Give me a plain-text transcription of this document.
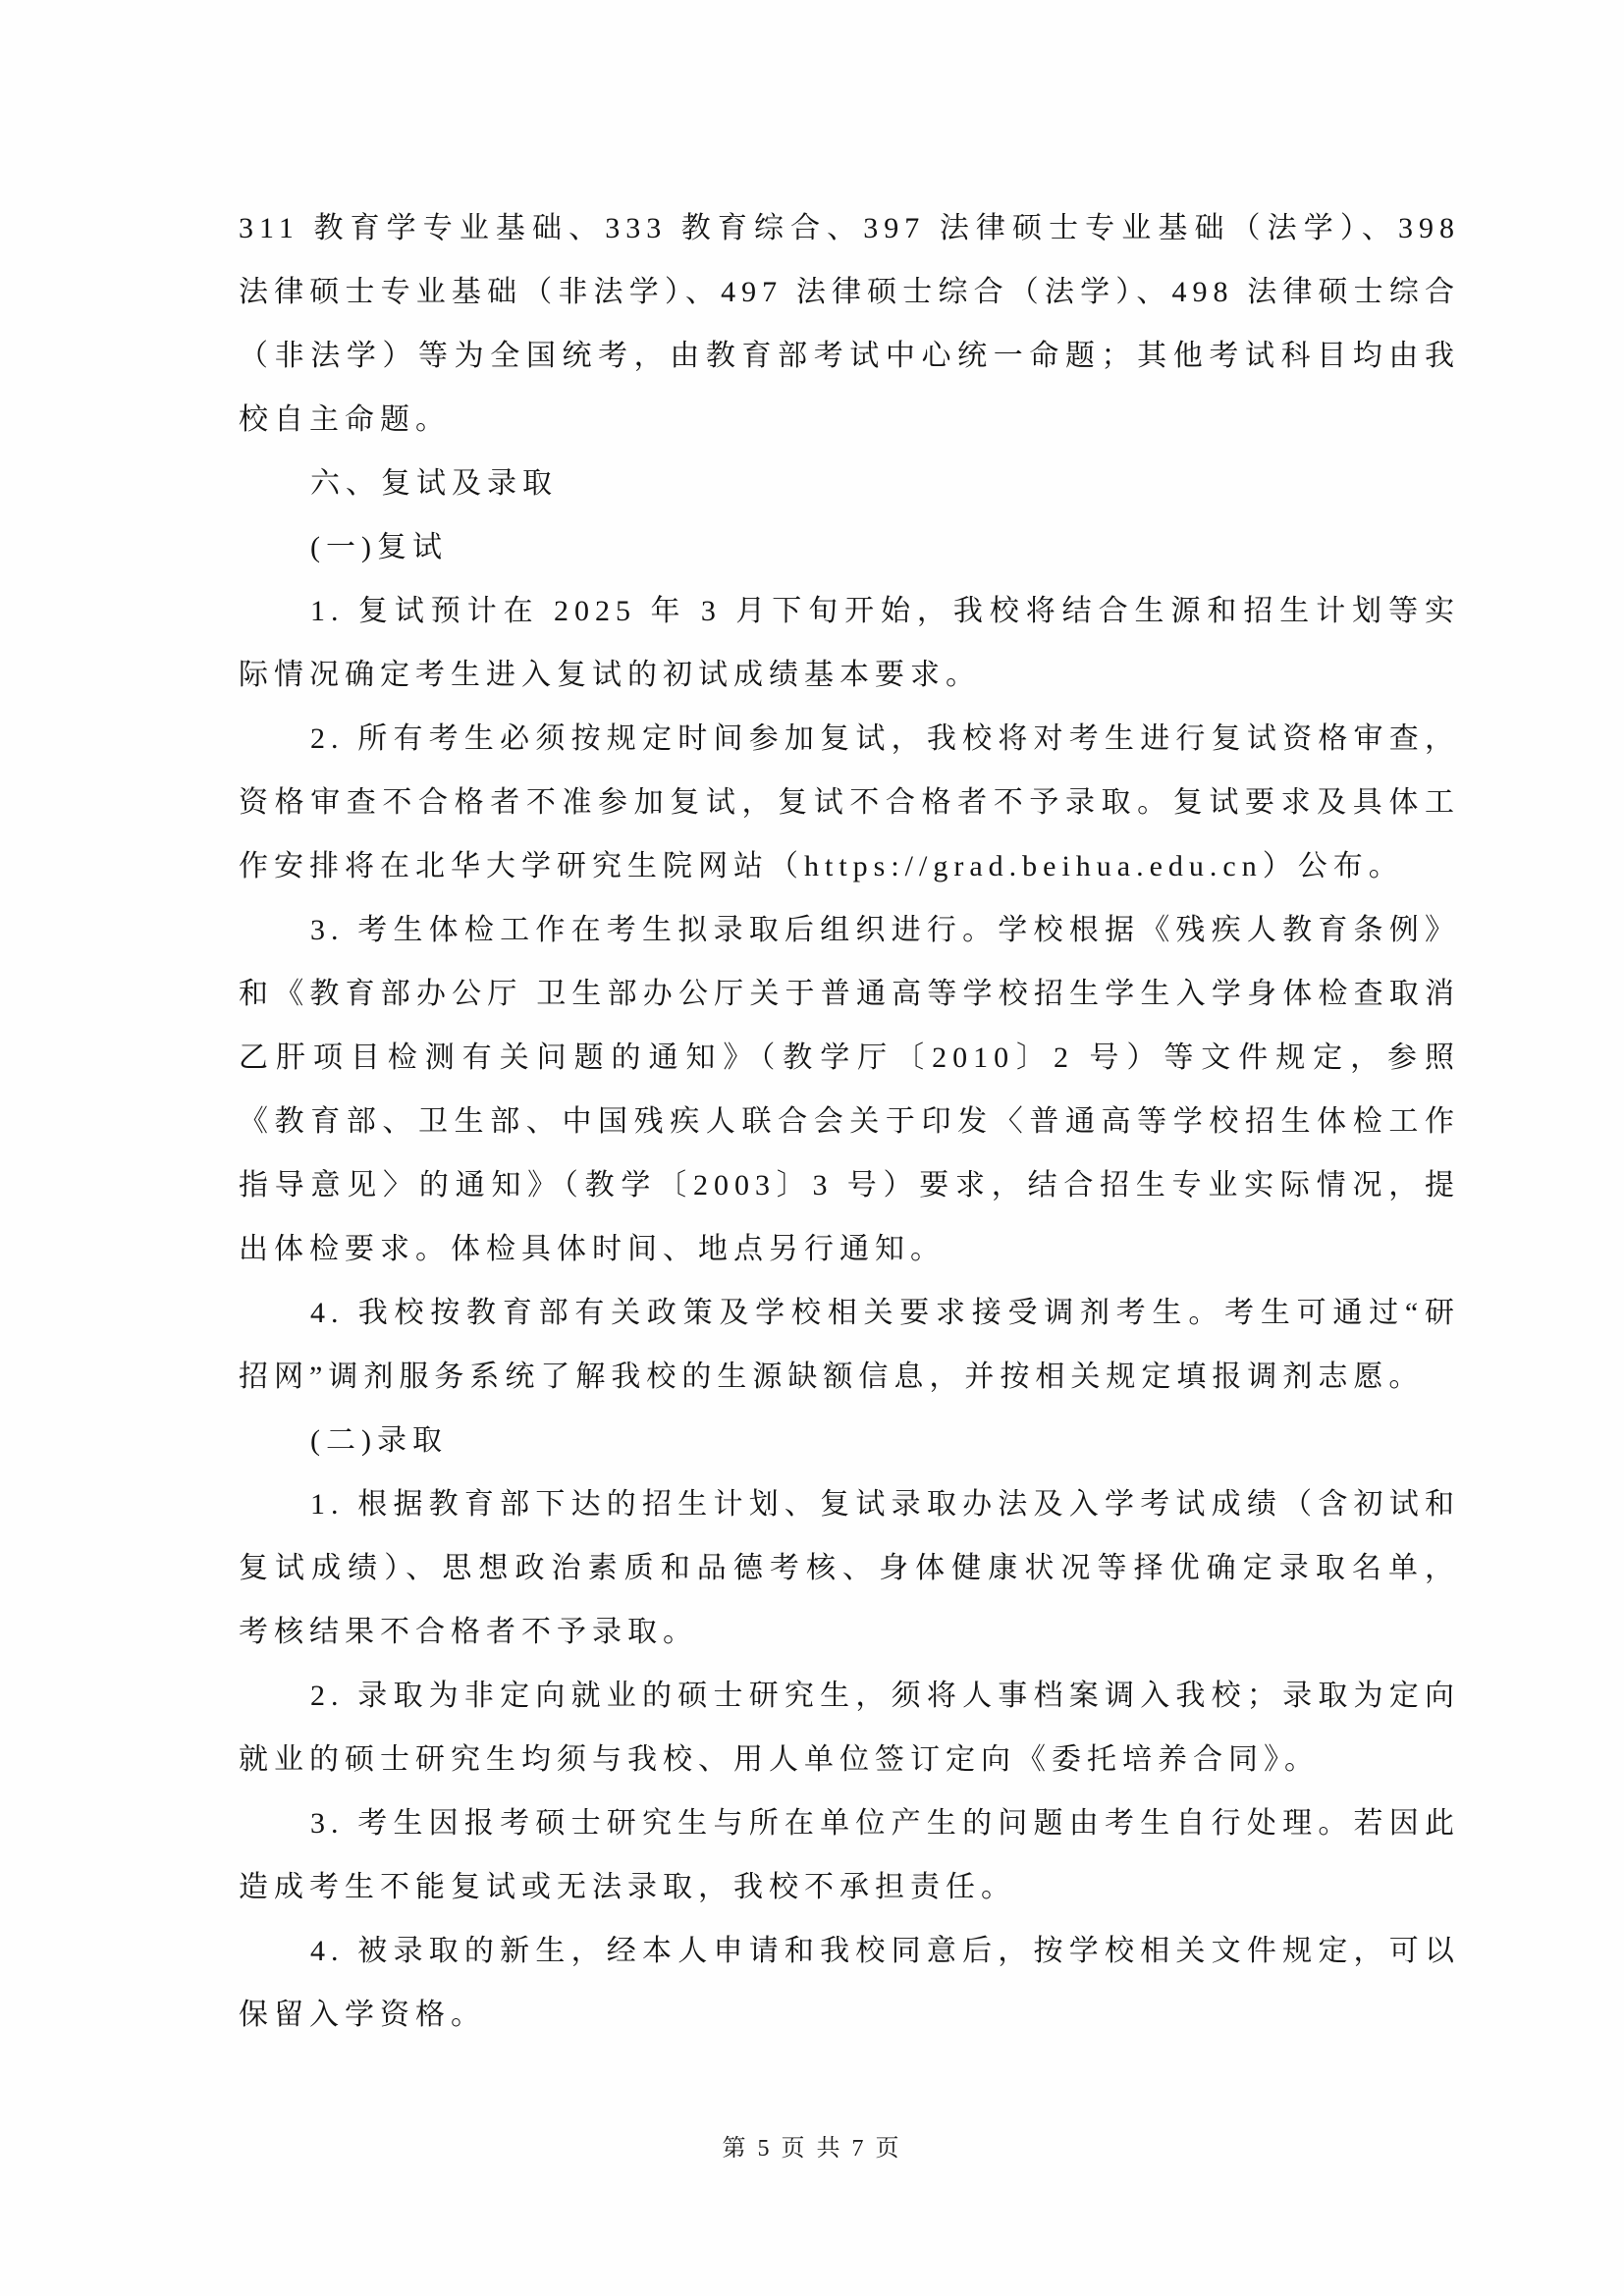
311 教育学专业基础、333 教育综合、397 法律硕士专业基础（法学）、398 法律硕士专业基础（非法学）、497 法律硕士综合（法学）、498 法律硕士综合（非法学）等为全国统考，由教育部考试中心统一命题；其他考试科目均由我校自主命题。

六、复试及录取

(一)复试

1. 复试预计在 2025 年 3 月下旬开始，我校将结合生源和招生计划等实际情况确定考生进入复试的初试成绩基本要求。

2. 所有考生必须按规定时间参加复试，我校将对考生进行复试资格审查，资格审查不合格者不准参加复试，复试不合格者不予录取。复试要求及具体工作安排将在北华大学研究生院网站（https://grad.beihua.edu.cn）公布。

3. 考生体检工作在考生拟录取后组织进行。学校根据《残疾人教育条例》和《教育部办公厅 卫生部办公厅关于普通高等学校招生学生入学身体检查取消乙肝项目检测有关问题的通知》（教学厅〔2010〕2 号）等文件规定，参照《教育部、卫生部、中国残疾人联合会关于印发〈普通高等学校招生体检工作指导意见〉的通知》（教学〔2003〕3 号）要求，结合招生专业实际情况，提出体检要求。体检具体时间、地点另行通知。

4. 我校按教育部有关政策及学校相关要求接受调剂考生。考生可通过“研招网”调剂服务系统了解我校的生源缺额信息，并按相关规定填报调剂志愿。

(二)录取

1. 根据教育部下达的招生计划、复试录取办法及入学考试成绩（含初试和复试成绩）、思想政治素质和品德考核、身体健康状况等择优确定录取名单，考核结果不合格者不予录取。

2. 录取为非定向就业的硕士研究生，须将人事档案调入我校；录取为定向就业的硕士研究生均须与我校、用人单位签订定向《委托培养合同》。

3. 考生因报考硕士研究生与所在单位产生的问题由考生自行处理。若因此造成考生不能复试或无法录取，我校不承担责任。

4. 被录取的新生，经本人申请和我校同意后，按学校相关文件规定，可以保留入学资格。

第 5 页 共 7 页
